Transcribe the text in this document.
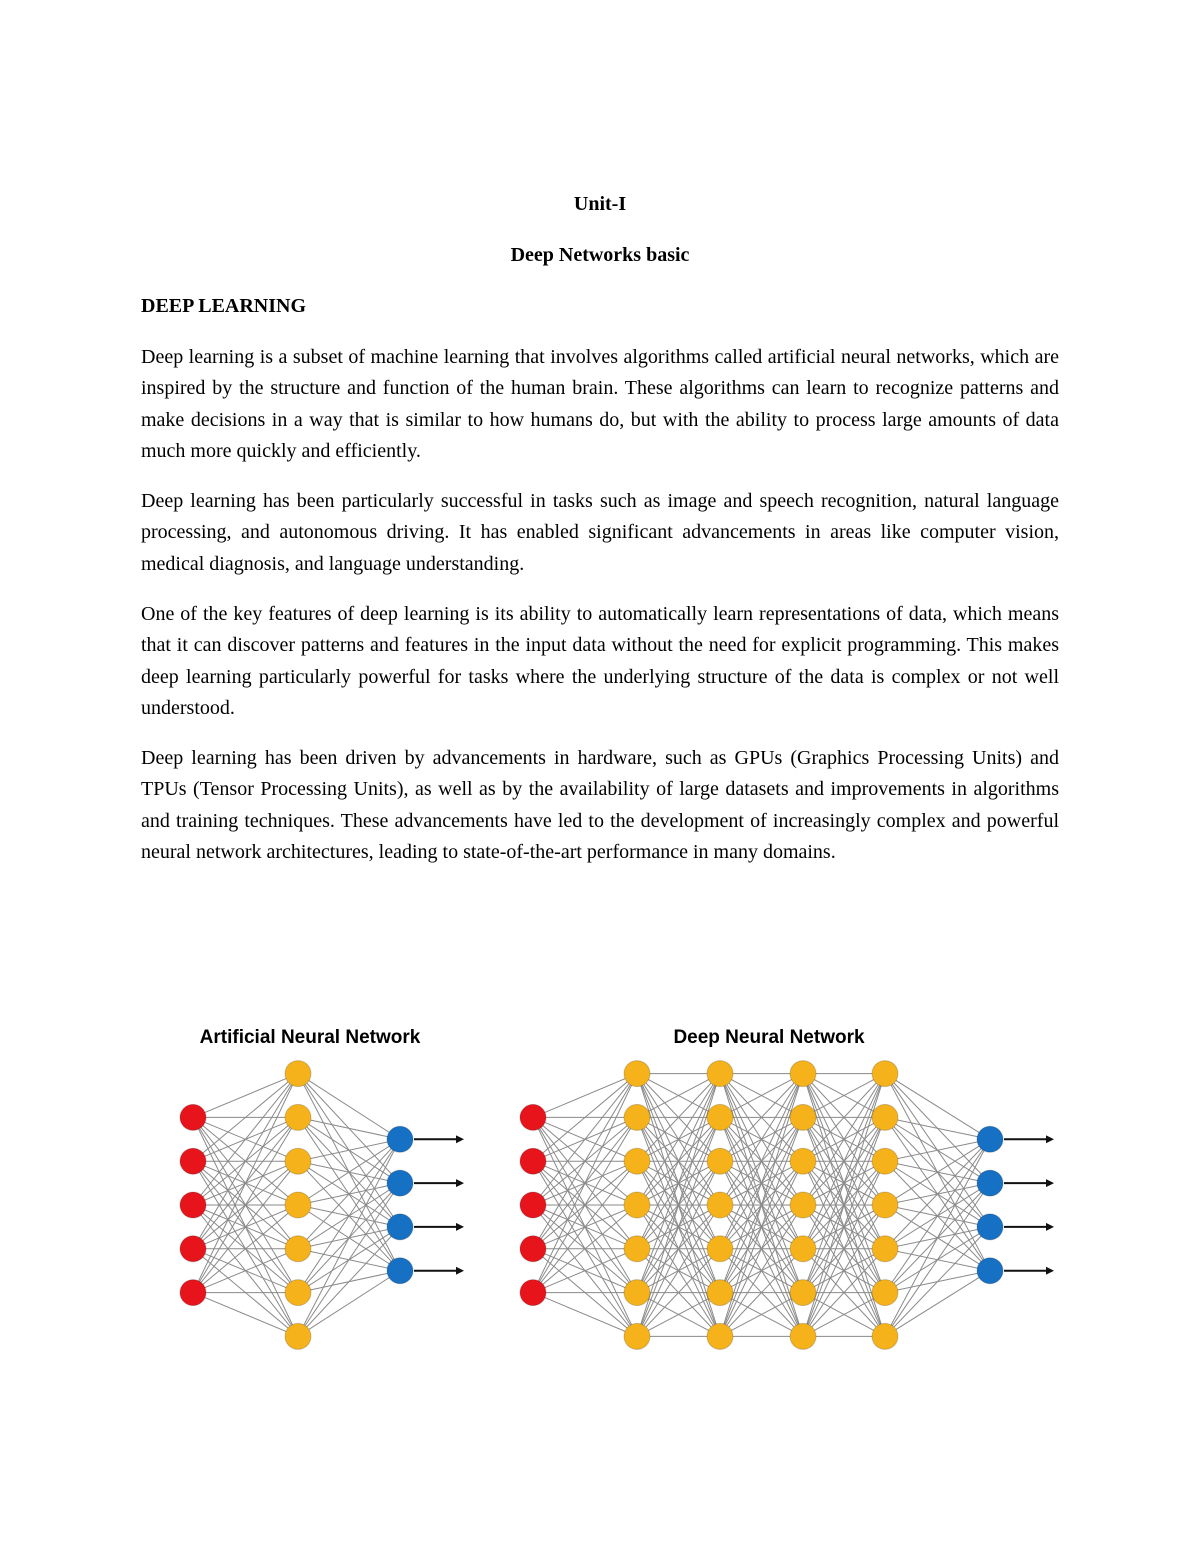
Unit-I
Deep Networks basic
DEEP LEARNING

Deep learning is a subset of machine learning that involves algorithms called artificial neural networks, which are inspired by the structure and function of the human brain. These algorithms can learn to recognize patterns and make decisions in a way that is similar to how humans do, but with the ability to process large amounts of data much more quickly and efficiently.

Deep learning has been particularly successful in tasks such as image and speech recognition, natural language processing, and autonomous driving. It has enabled significant advancements in areas like computer vision, medical diagnosis, and language understanding.

One of the key features of deep learning is its ability to automatically learn representations of data, which means that it can discover patterns and features in the input data without the need for explicit programming. This makes deep learning particularly powerful for tasks where the underlying structure of the data is complex or not well understood.

Deep learning has been driven by advancements in hardware, such as GPUs (Graphics Processing Units) and TPUs (Tensor Processing Units), as well as by the availability of large datasets and improvements in algorithms and training techniques. These advancements have led to the development of increasingly complex and powerful neural network architectures, leading to state-of-the-art performance in many domains.

Artificial Neural Network	Deep Neural Network
